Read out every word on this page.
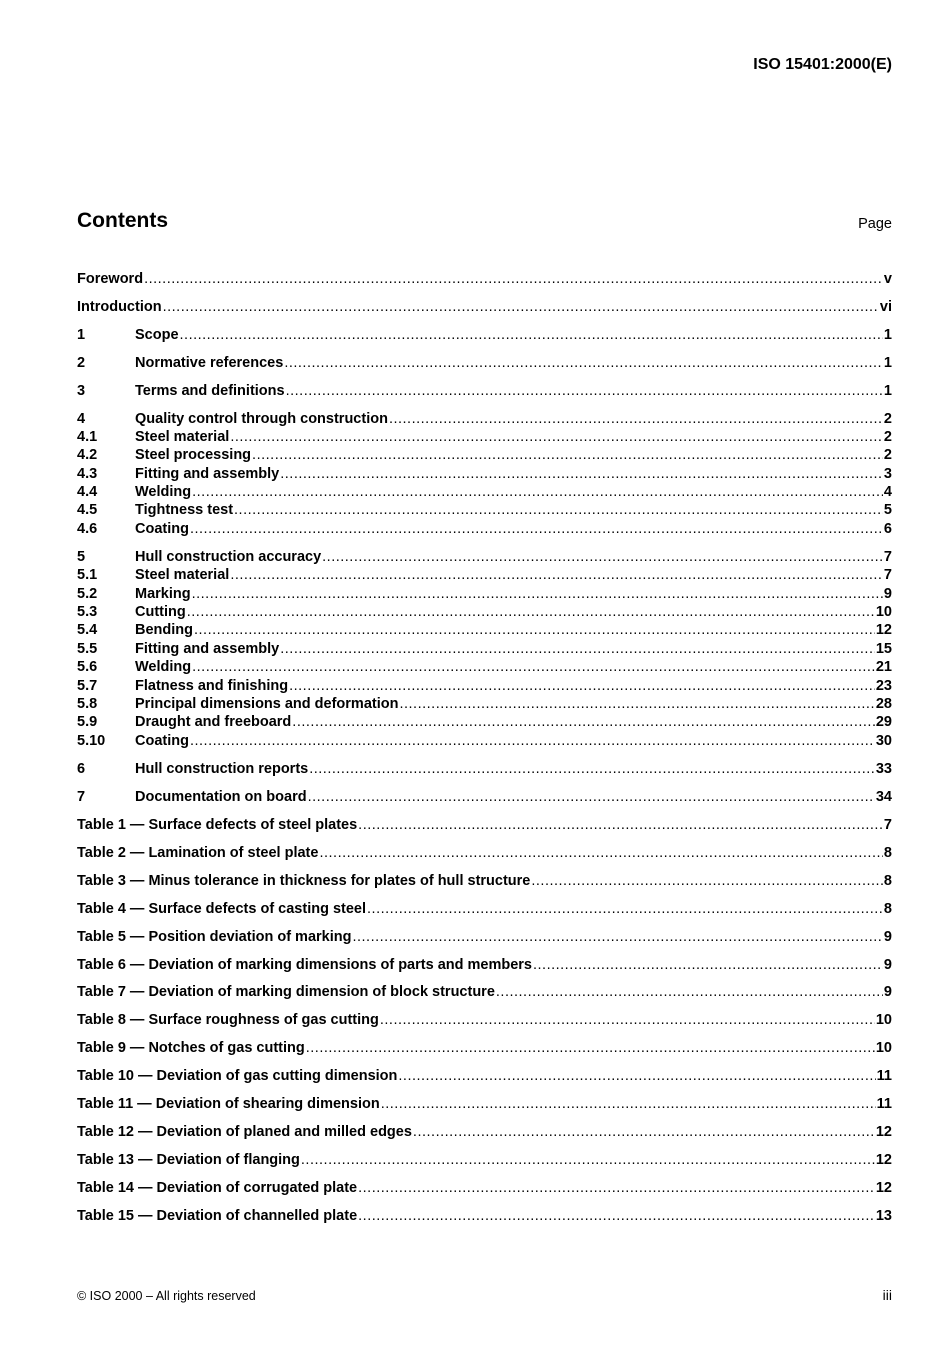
ISO 15401:2000(E)
Contents	Page
Foreword .....	v
Introduction .....	vi
1	Scope .....	1
2	Normative references .....	1
3	Terms and definitions .....	1
4	Quality control through construction .....	2
4.1	Steel material .....	2
4.2	Steel processing .....	2
4.3	Fitting and assembly .....	3
4.4	Welding .....	4
4.5	Tightness test .....	5
4.6	Coating .....	6
5	Hull construction accuracy .....	7
5.1	Steel material .....	7
5.2	Marking .....	9
5.3	Cutting .....	10
5.4	Bending .....	12
5.5	Fitting and assembly .....	15
5.6	Welding .....	21
5.7	Flatness and finishing .....	23
5.8	Principal dimensions and deformation .....	28
5.9	Draught and freeboard .....	29
5.10	Coating .....	30
6	Hull construction reports .....	33
7	Documentation on board .....	34
Table 1 — Surface defects of steel plates .....	7
Table 2 — Lamination of steel plate .....	8
Table 3 — Minus tolerance in thickness for plates of hull structure .....	8
Table 4 — Surface defects of casting steel .....	8
Table 5 — Position deviation of marking .....	9
Table 6 — Deviation of marking dimensions of parts and members .....	9
Table 7 — Deviation of marking dimension of block structure .....	9
Table 8 — Surface roughness of gas cutting .....	10
Table 9 — Notches of gas cutting .....	10
Table 10 — Deviation of gas cutting dimension .....	11
Table 11 — Deviation of shearing dimension .....	11
Table 12 — Deviation of planed and milled edges .....	12
Table 13 — Deviation of flanging .....	12
Table 14 — Deviation of corrugated plate .....	12
Table 15 — Deviation of channelled plate .....	13
© ISO 2000 – All rights reserved	iii
